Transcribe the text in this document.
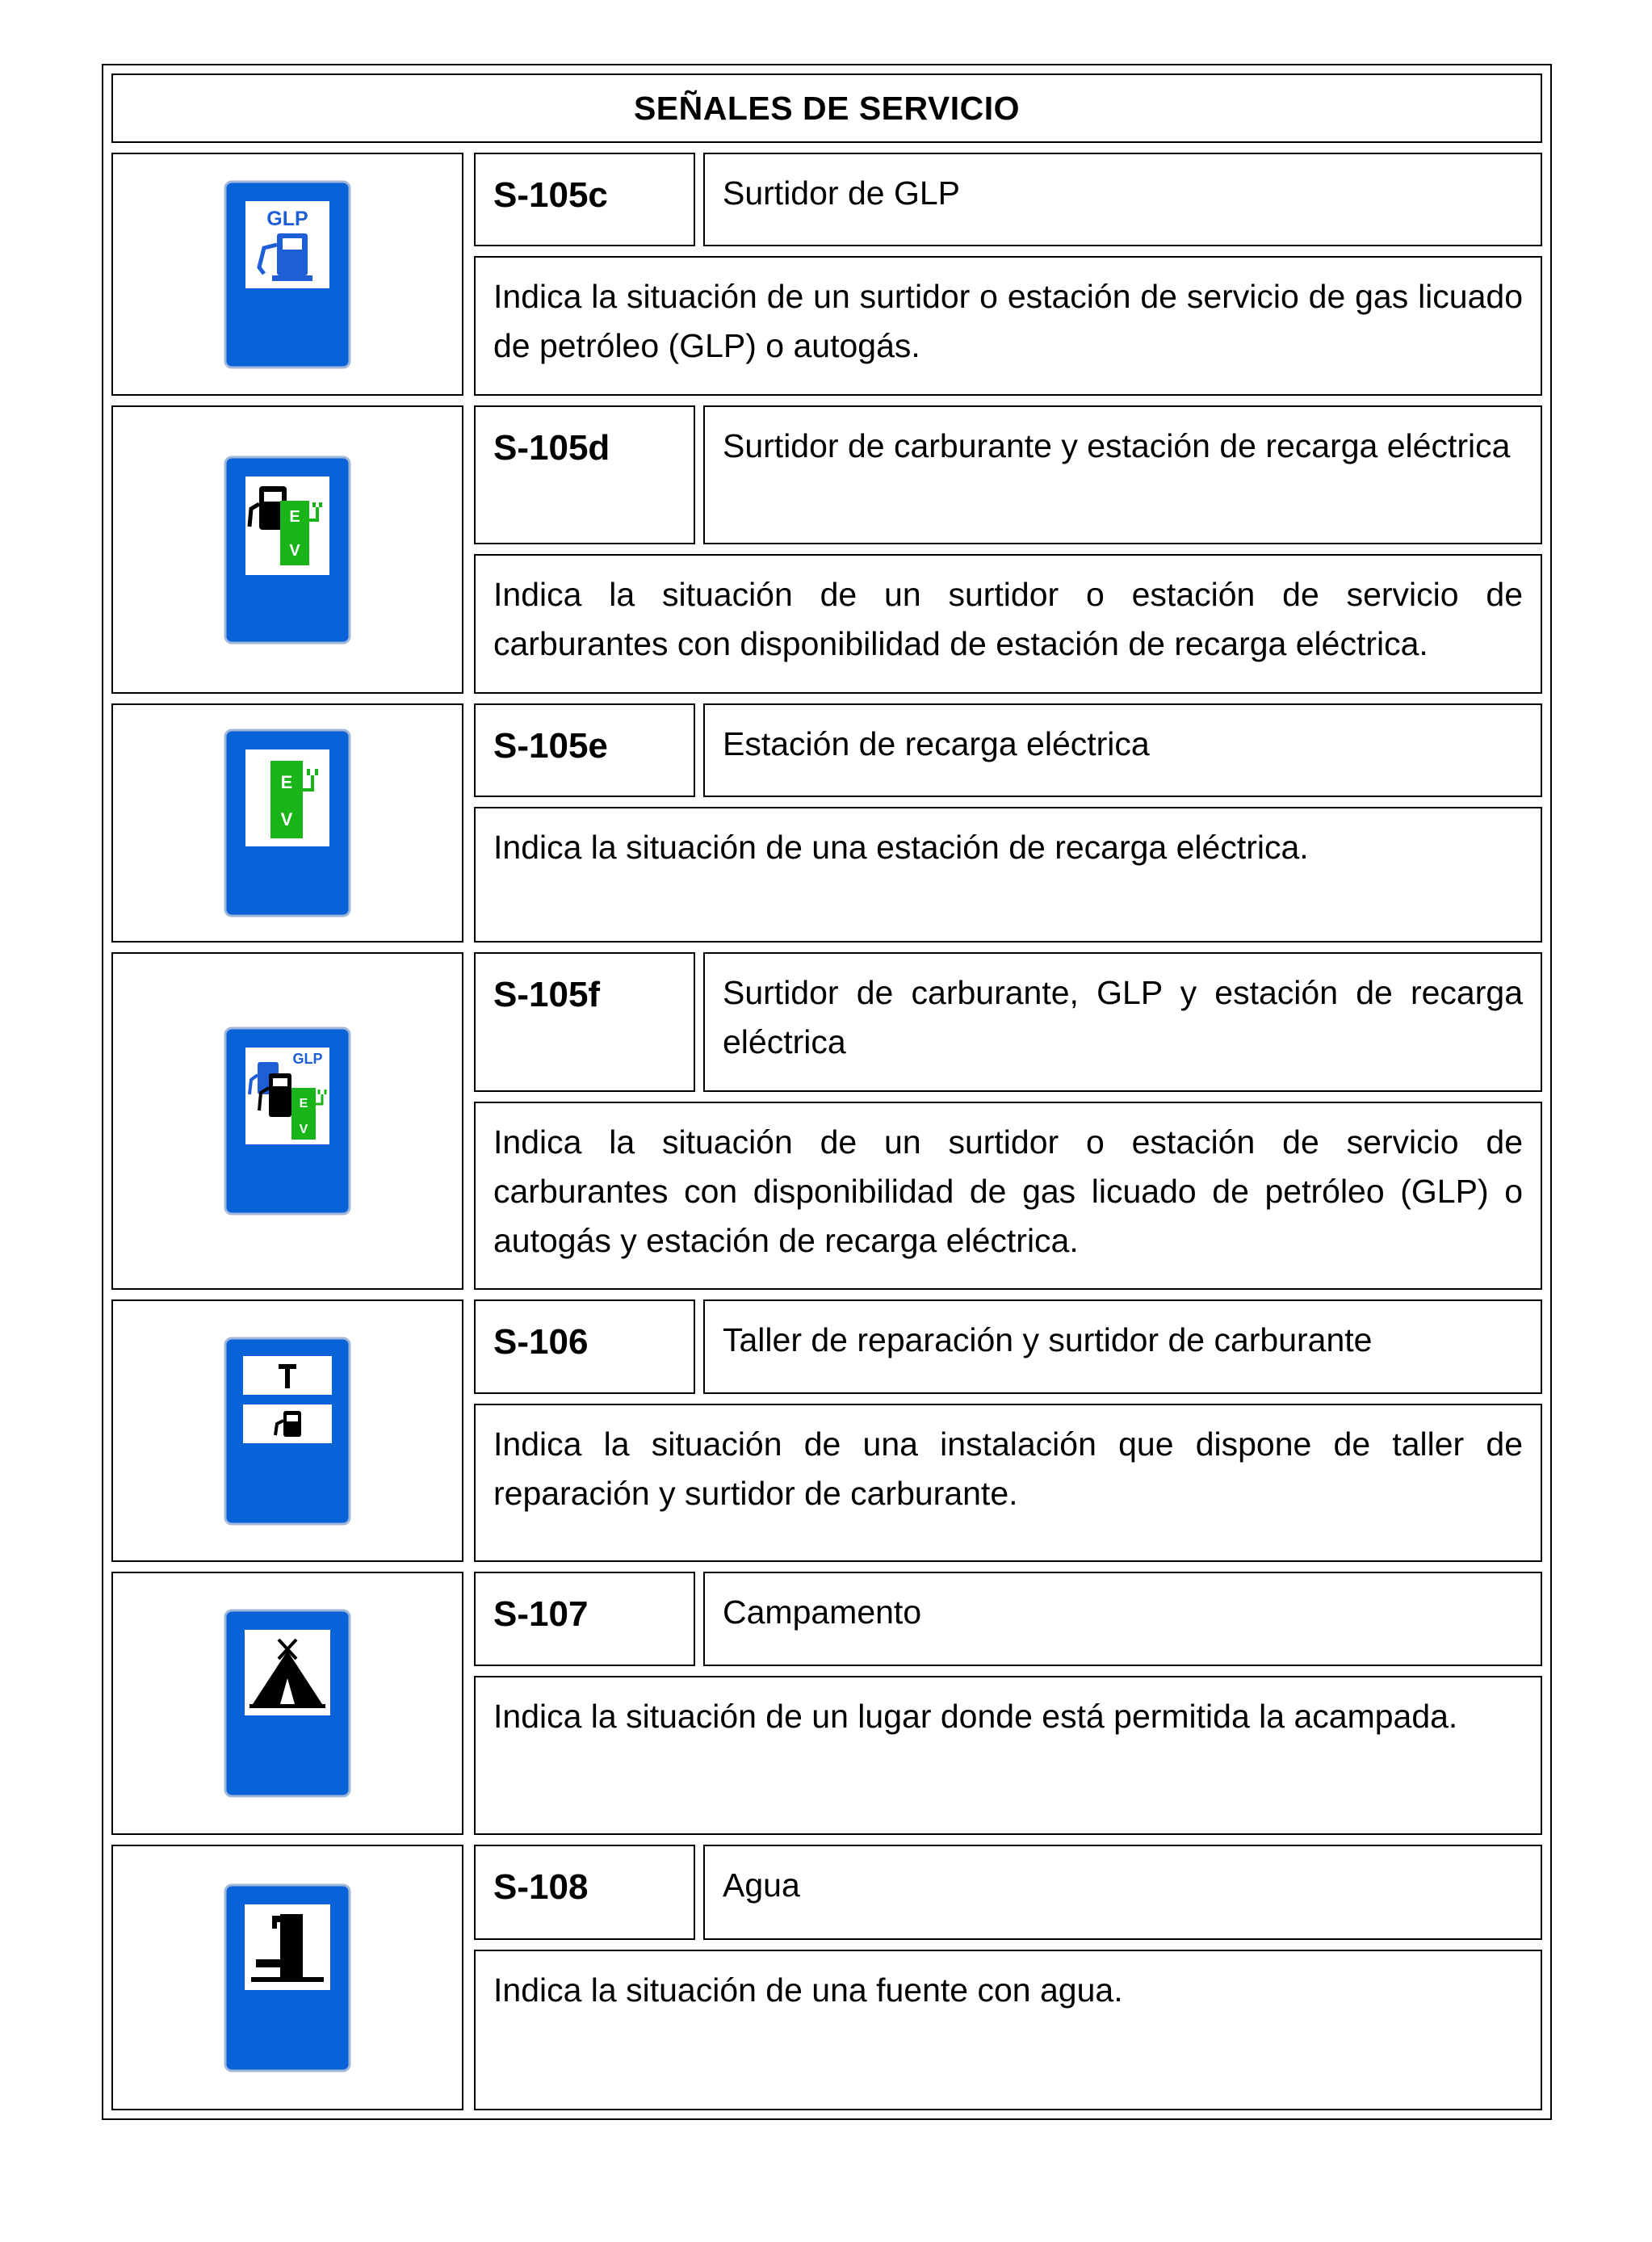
SEÑALES DE SERVICIO
GLP
S-105c	Surtidor de GLP
Indica la situación de un surtidor o estación de servicio de gas licuado de petróleo (GLP) o autogás.
E
V
S-105d	Surtidor de carburante y estación de recarga eléctrica
Indica la situación de un surtidor o estación de servicio de carburantes con disponibilidad de estación de recarga eléctrica.
E
V
S-105e	Estación de recarga eléctrica
Indica la situación de una estación de recarga eléctrica.
GLP
E
V
S-105f	Surtidor de carburante, GLP y estación de recarga eléctrica
Indica la situación de un surtidor o estación de servicio de carburantes con disponibilidad de gas licuado de petróleo (GLP) o autogás y estación de recarga eléctrica.
S-106	Taller de reparación y surtidor de carburante
Indica la situación de una instalación que dispone de taller de reparación y surtidor de carburante.
S-107	Campamento
Indica la situación de un lugar donde está permitida la acampada.
S-108	Agua
Indica la situación de una fuente con agua.
